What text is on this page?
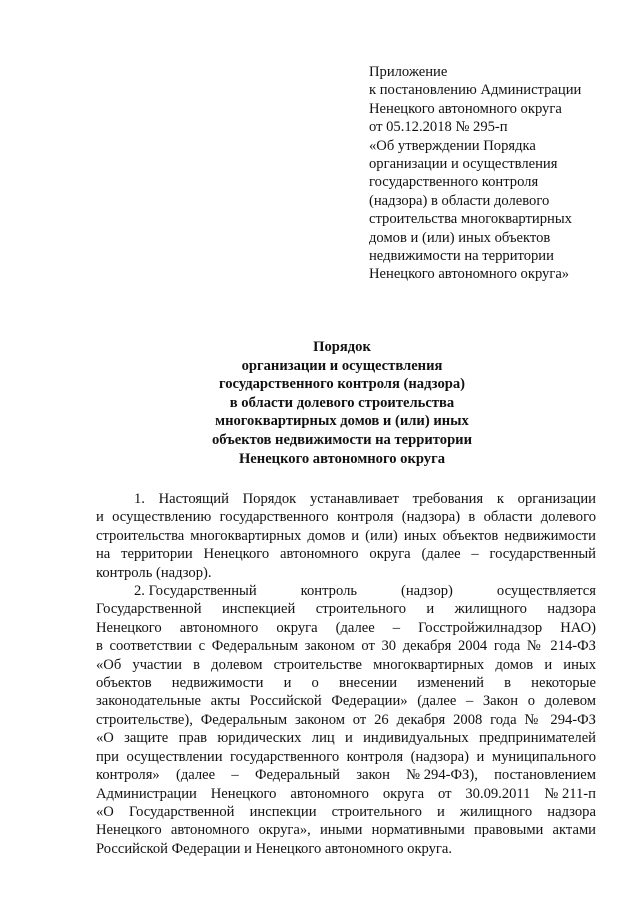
Приложение
к постановлению Администрации
Ненецкого автономного округа
от 05.12.2018 № 295-п
«Об утверждении Порядка
организации и осуществления
государственного контроля
(надзора) в области долевого
строительства многоквартирных
домов и (или) иных объектов
недвижимости на территории
Ненецкого автономного округа»
Порядок
организации и осуществления
государственного контроля (надзора)
в области долевого строительства
многоквартирных домов и (или) иных
объектов недвижимости на территории
Ненецкого автономного округа
1. Настоящий Порядок устанавливает требования к организации
и осуществлению государственного контроля (надзора) в области долевого
строительства многоквартирных домов и (или) иных объектов недвижимости
на территории Ненецкого автономного округа (далее – государственный
контроль (надзор).
2. Государственный	контроль	(надзор)	осуществляется
Государственной инспекцией строительного и жилищного надзора
Ненецкого автономного округа (далее – Госстройжилнадзор НАО)
в соответствии с Федеральным законом от 30 декабря 2004 года № 214-ФЗ
«Об участии в долевом строительстве многоквартирных домов и иных
объектов недвижимости и о внесении изменений в некоторые
законодательные акты Российской Федерации» (далее – Закон о долевом
строительстве), Федеральным законом от 26 декабря 2008 года № 294-ФЗ
«О защите прав юридических лиц и индивидуальных предпринимателей
при осуществлении государственного контроля (надзора) и муниципального
контроля» (далее – Федеральный закон № 294-ФЗ), постановлением
Администрации Ненецкого автономного округа от 30.09.2011 № 211-п
«О Государственной инспекции строительного и жилищного надзора
Ненецкого автономного округа», иными нормативными правовыми актами
Российской Федерации и Ненецкого автономного округа.
